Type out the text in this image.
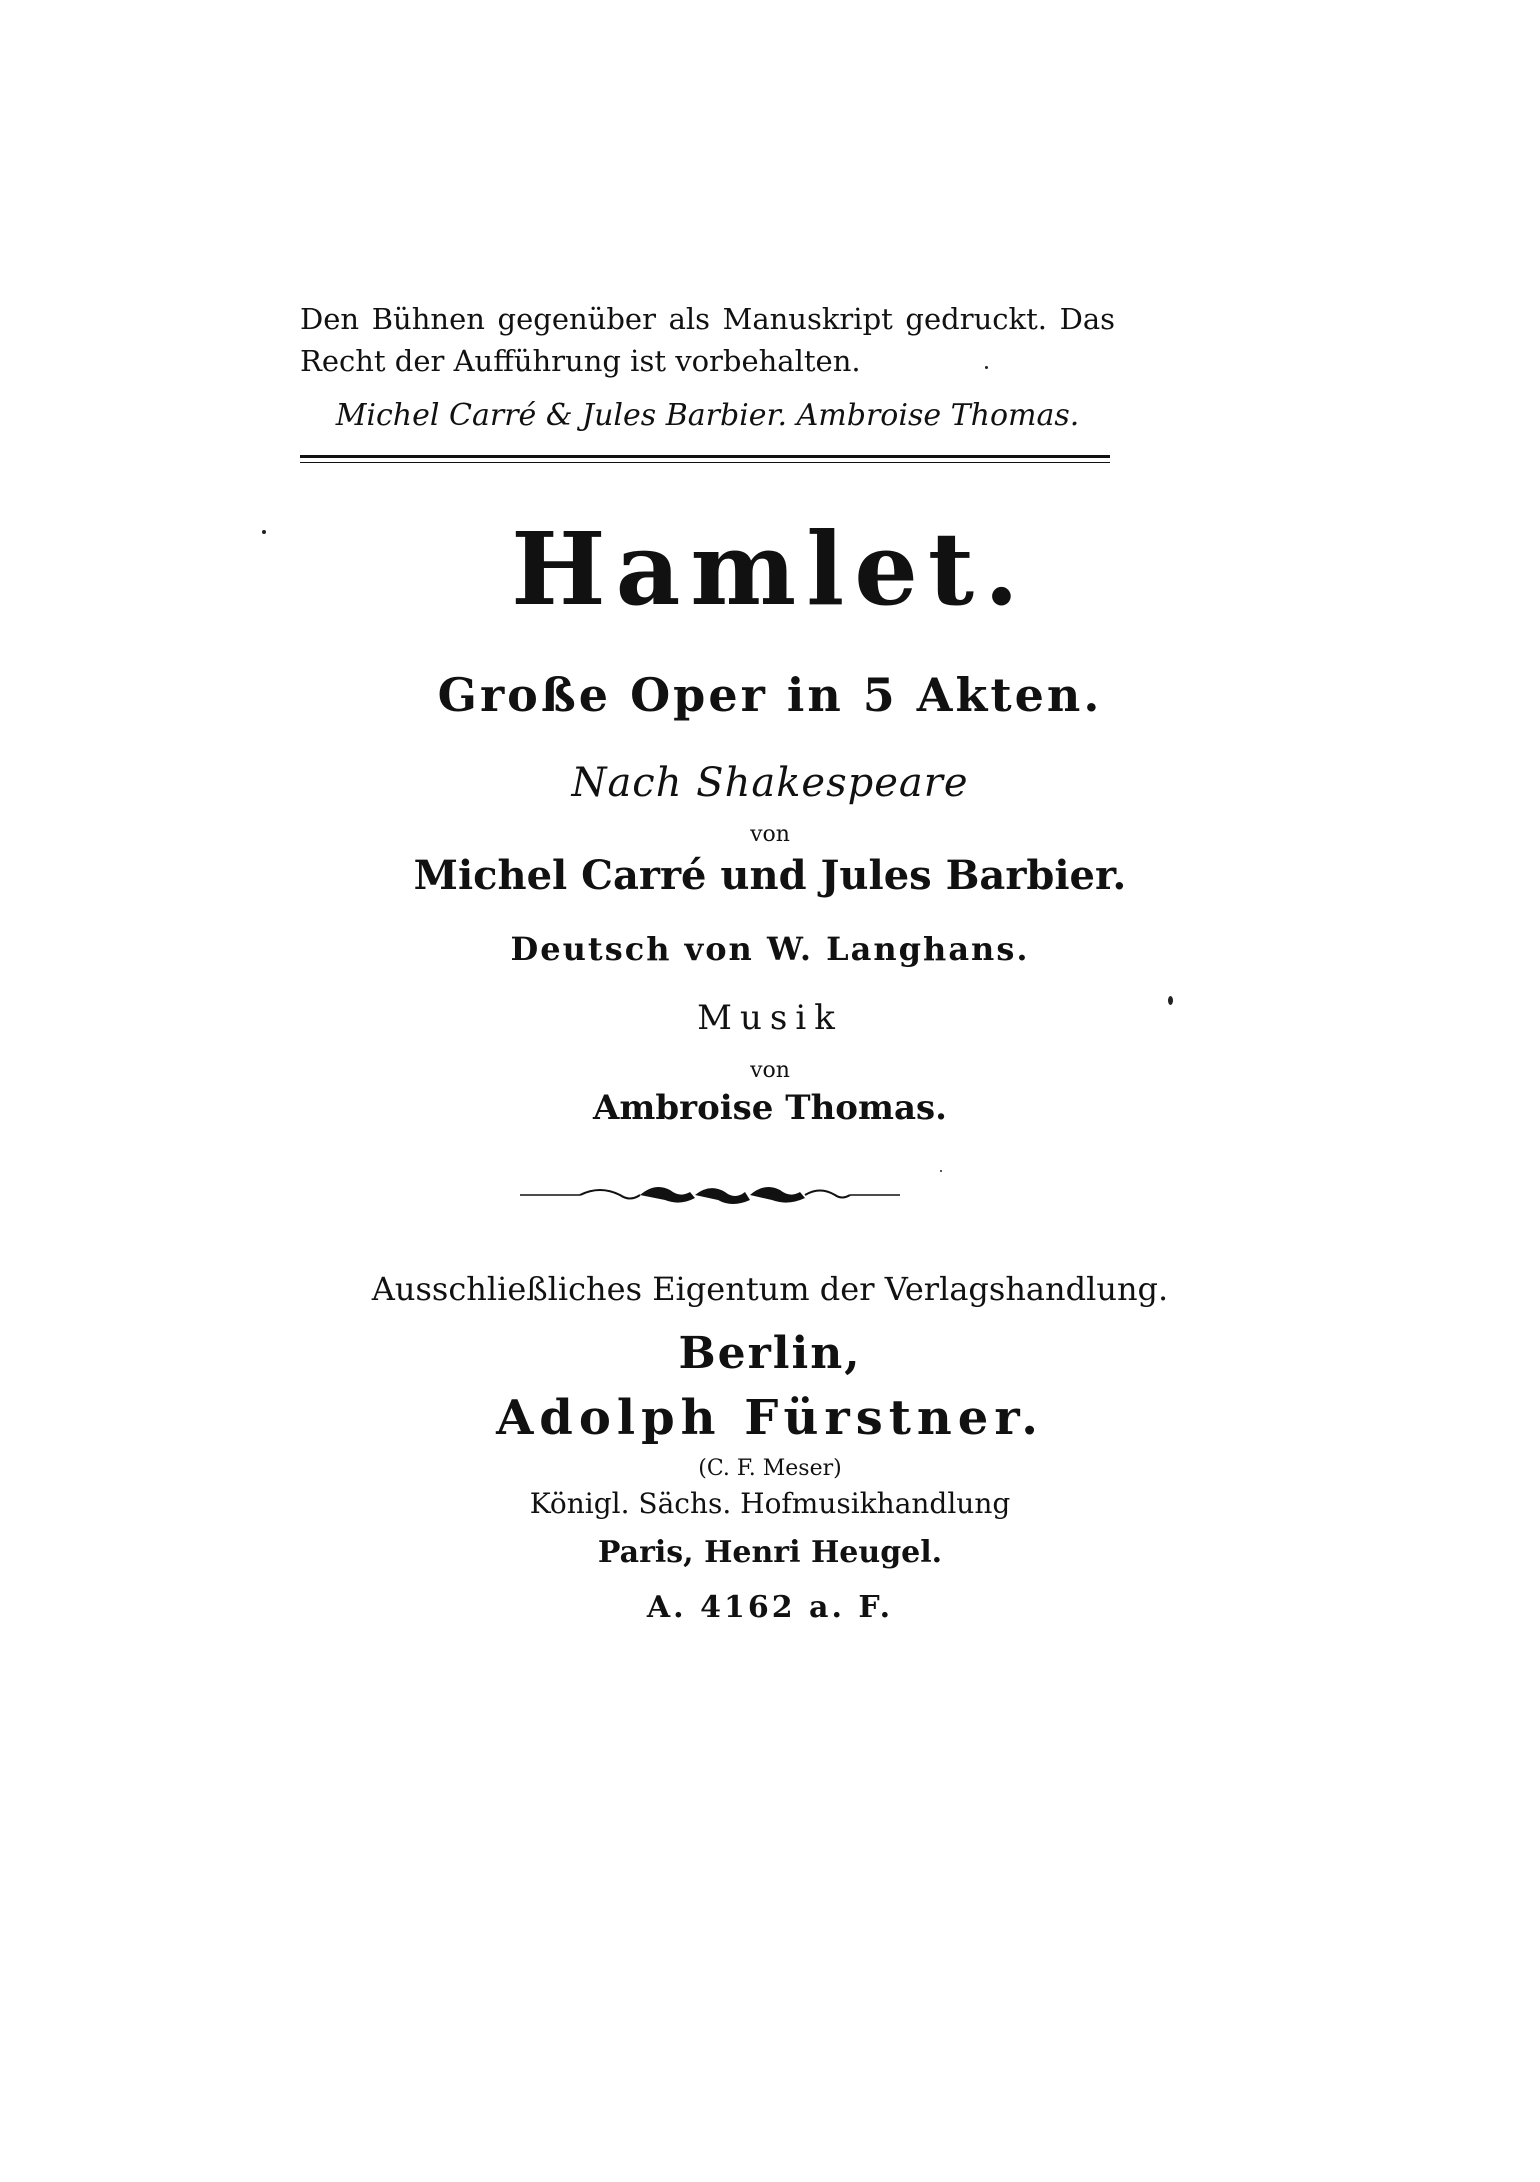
Den Bühnen gegenüber als Manuskript gedruckt. Das Recht der Aufführung ist vorbehalten.
Michel Carré & Jules Barbier. Ambroise Thomas.
Hamlet.
Große Oper in 5 Akten.
Nach Shakespeare
von
Michel Carré und Jules Barbier.
Deutsch von W. Langhans.
Musik
von
Ambroise Thomas.
Ausschließliches Eigentum der Verlagshandlung.
Berlin,
Adolph Fürstner.
(C. F. Meser)
Königl. Sächs. Hofmusikhandlung
Paris, Henri Heugel.
A. 4162 a. F.
